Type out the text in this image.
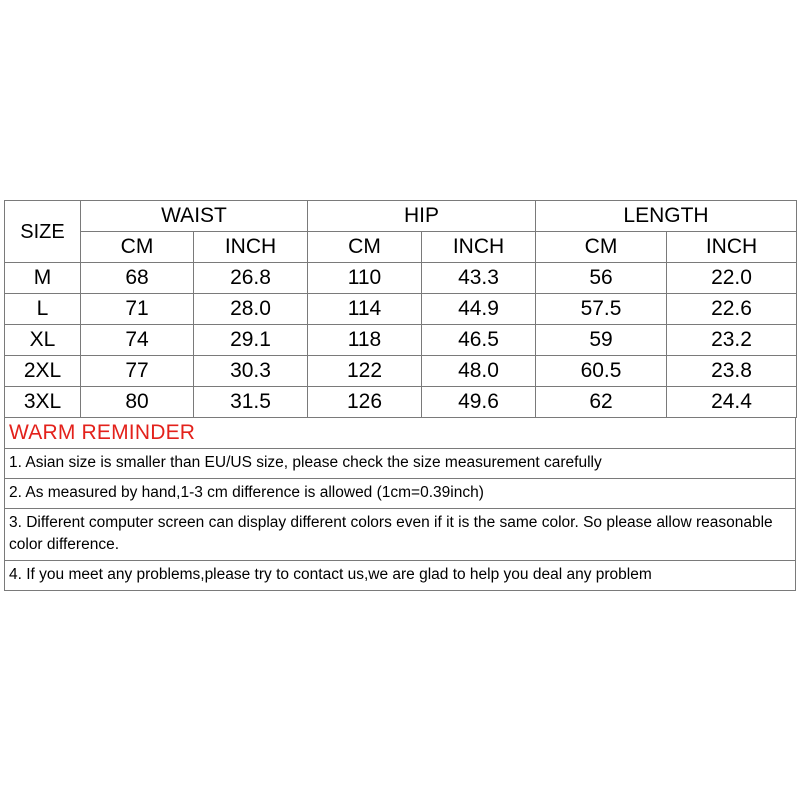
SIZE	WAIST		HIP		LENGTH	
	CM	INCH	CM	INCH	CM	INCH
M	68	26.8	110	43.3	56	22.0
L	71	28.0	114	44.9	57.5	22.6
XL	74	29.1	118	46.5	59	23.2
2XL	77	30.3	122	48.0	60.5	23.8
3XL	80	31.5	126	49.6	62	24.4
WARM REMINDER
1. Asian size is smaller than EU/US size, please check the size measurement carefully
2. As measured by hand,1-3 cm difference is allowed (1cm=0.39inch)
3. Different computer screen can display different colors even if it is the same color. So please allow reasonable color difference.
4. If you meet any problems,please try to contact us,we are glad to help you deal any problem
